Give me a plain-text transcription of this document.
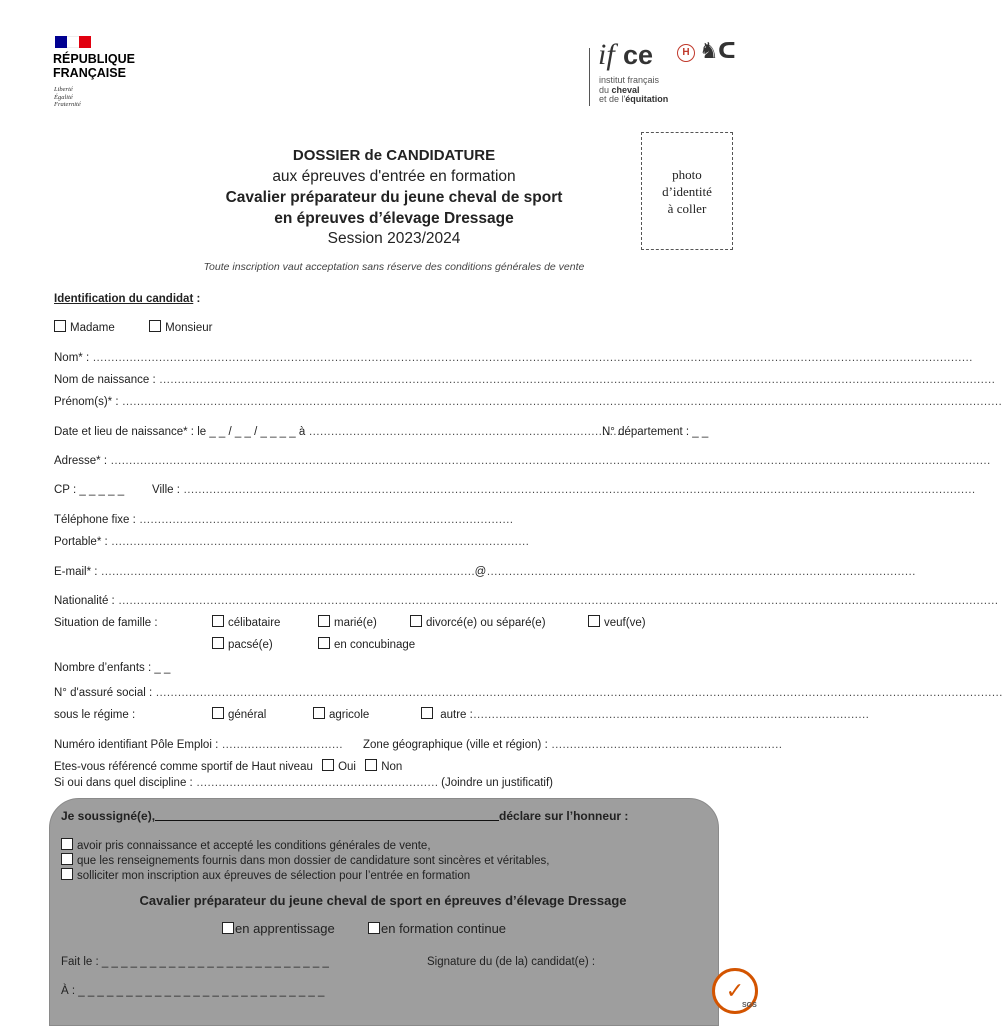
RÉPUBLIQUE
FRANÇAISE
Liberté
Égalité
Fraternité
if ce	H ♞ ᑕ
institut français
du cheval
et de l'équitation
photo
d’identité
à coller
DOSSIER de CANDIDATURE
aux épreuves d'entrée en formation
Cavalier préparateur du jeune cheval de sport
en épreuves d’élevage Dressage
Session 2023/2024
Toute inscription vaut acceptation sans réserve des conditions générales de vente
Identification du candidat :
Madame	Monsieur
Nom* : ……………………………………………………………………………………………………………………………………………………………………………………………………………………
Nom de naissance : …………………………………………………………………………………………………………………………………………………………………………………………………………
Prénom(s)* : ……………………………………………………………………………………………………………………………………………………………………………………………………………………
Date et lieu de naissance* : le _ _ / _ _ / _ _ _ _ à ……………………………………………………………………………
N° département : _ _
Adresse* : ……………………………………………………………………………………………………………………………………………………………………………………………………………………
CP : _ _ _ _ _ Ville : ………………………………………………………………………………………………………………………………………………………………………………………………
Téléphone fixe : …………………………………………………………………………………………
Portable* : ……………………………………………………………………………………………………
E-mail* : …………………………………………………………………………………………@………………………………………………………………………………………………………
Nationalité : ……………………………………………………………………………………………………………………………………………………………………………………………………………………
Situation de famille :	célibataire	marié(e)	divorcé(e) ou séparé(e)	veuf(ve)
pacsé(e)	en concubinage
Nombre d’enfants : _ _
N° d'assuré social : ……………………………………………………………………………………………………………………………………………………………………………………………………………
sous le régime :	général	agricole	autre :………………………………………………………………………………………………
Numéro identifiant Pôle Emploi : ……………………………	Zone géographique (ville et région) : ………………………………………………………
Etes-vous référencé comme sportif de Haut niveau Oui Non
Si oui dans quel discipline : ………………………………………………………… (Joindre un justificatif)
Je soussigné(e),	déclare sur l’honneur :
avoir pris connaissance et accepté les conditions générales de vente,
que les renseignements fournis dans mon dossier de candidature sont sincères et véritables,
solliciter mon inscription aux épreuves de sélection pour l’entrée en formation
Cavalier préparateur du jeune cheval de sport en épreuves d’élevage Dressage
en apprentissage	en formation continue
Fait le : _ _ _ _ _ _ _ _ _ _ _ _ _ _ _ _ _ _ _ _ _ _ _ _	Signature du (de la) candidat(e) :
À : _ _ _ _ _ _ _ _ _ _ _ _ _ _ _ _ _ _ _ _ _ _ _ _ _ _	✓
SGS
